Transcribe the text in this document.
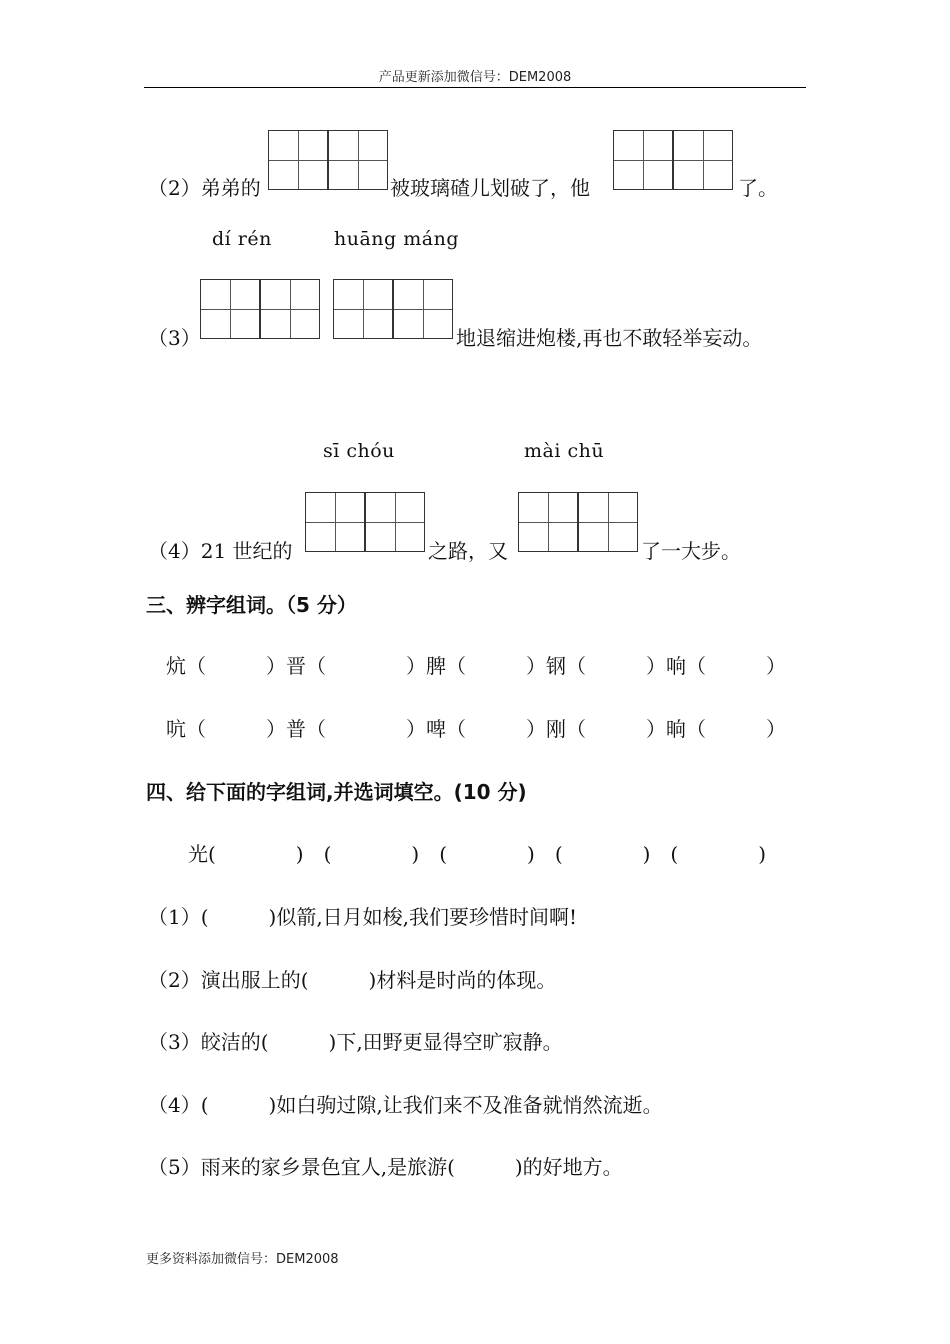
产品更新添加微信号：DEM2008
（2）弟弟的	被玻璃碴儿划破了，他	了。
dí rén	huāng máng
（3）	地退缩进炮楼,再也不敢轻举妄动。
sī chóu	mài chū
（4）21 世纪的	之路，又	了一大步。
三、辨字组词。（5 分）
炕（　　　）晋（　　　　）脾（　　　）钢（　　　）响（　　　）
吭（　　　）普（　　　　）啤（　　　）刚（　　　）晌（　　　）
四、给下面的字组词,并选词填空。(10 分)
光(　　　　)　(　　　　)　(　　　　)　(　　　　)　(　　　　)
（1）(　　　)似箭,日月如梭,我们要珍惜时间啊!
（2）演出服上的(　　　)材料是时尚的体现。
（3）皎洁的(　　　)下,田野更显得空旷寂静。
（4）(　　　)如白驹过隙,让我们来不及准备就悄然流逝。
（5）雨来的家乡景色宜人,是旅游(　　　)的好地方。
更多资料添加微信号：DEM2008
